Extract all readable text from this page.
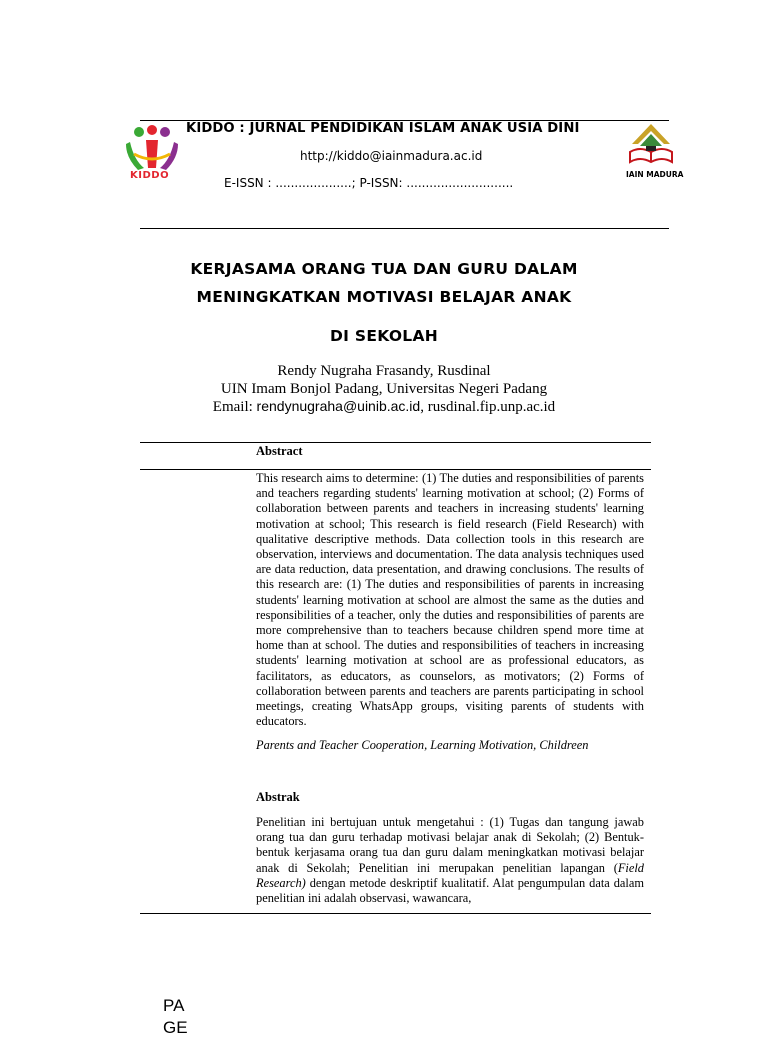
KIDDO	IAIN MADURA
KIDDO : JURNAL PENDIDIKAN ISLAM ANAK USIA DINI
http://kiddo@iainmadura.ac.id
E-ISSN : ....................; P-ISSN: ............................
KERJASAMA ORANG TUA DAN GURU DALAM
MENINGKATKAN MOTIVASI BELAJAR ANAK
DI SEKOLAH
Rendy Nugraha Frasandy, Rusdinal
UIN Imam Bonjol Padang, Universitas Negeri Padang
Email: rendynugraha@uinib.ac.id, rusdinal.fip.unp.ac.id
Abstract
This research aims to determine: (1) The duties and responsibilities of parents and teachers regarding students' learning motivation at school; (2) Forms of collaboration between parents and teachers in increasing students' learning motivation at school; This research is field research (Field Research) with qualitative descriptive methods. Data collection tools in this research are observation, interviews and documentation. The data analysis techniques used are data reduction, data presentation, and drawing conclusions. The results of this research are: (1) The duties and responsibilities of parents in increasing students' learning motivation at school are almost the same as the duties and responsibilities of a teacher, only the duties and responsibilities of parents are more comprehensive than to teachers because children spend more time at home than at school. The duties and responsibilities of teachers in increasing students' learning motivation at school are as professional educators, as facilitators, as educators, as counselors, as motivators; (2) Forms of collaboration between parents and teachers are parents participating in school meetings, creating WhatsApp groups, visiting parents of students with educators.
Parents and Teacher Cooperation, Learning Motivation, Childreen
Abstrak
Penelitian ini bertujuan untuk mengetahui : (1) Tugas dan tangung jawab orang tua dan guru terhadap motivasi belajar anak di Sekolah; (2) Bentuk-bentuk kerjasama orang tua dan guru dalam meningkatkan motivasi belajar anak di Sekolah; Penelitian ini merupakan penelitian lapangan (Field Research) dengan metode deskriptif kualitatif. Alat pengumpulan data dalam penelitian ini adalah observasi, wawancara,
PA
GE
